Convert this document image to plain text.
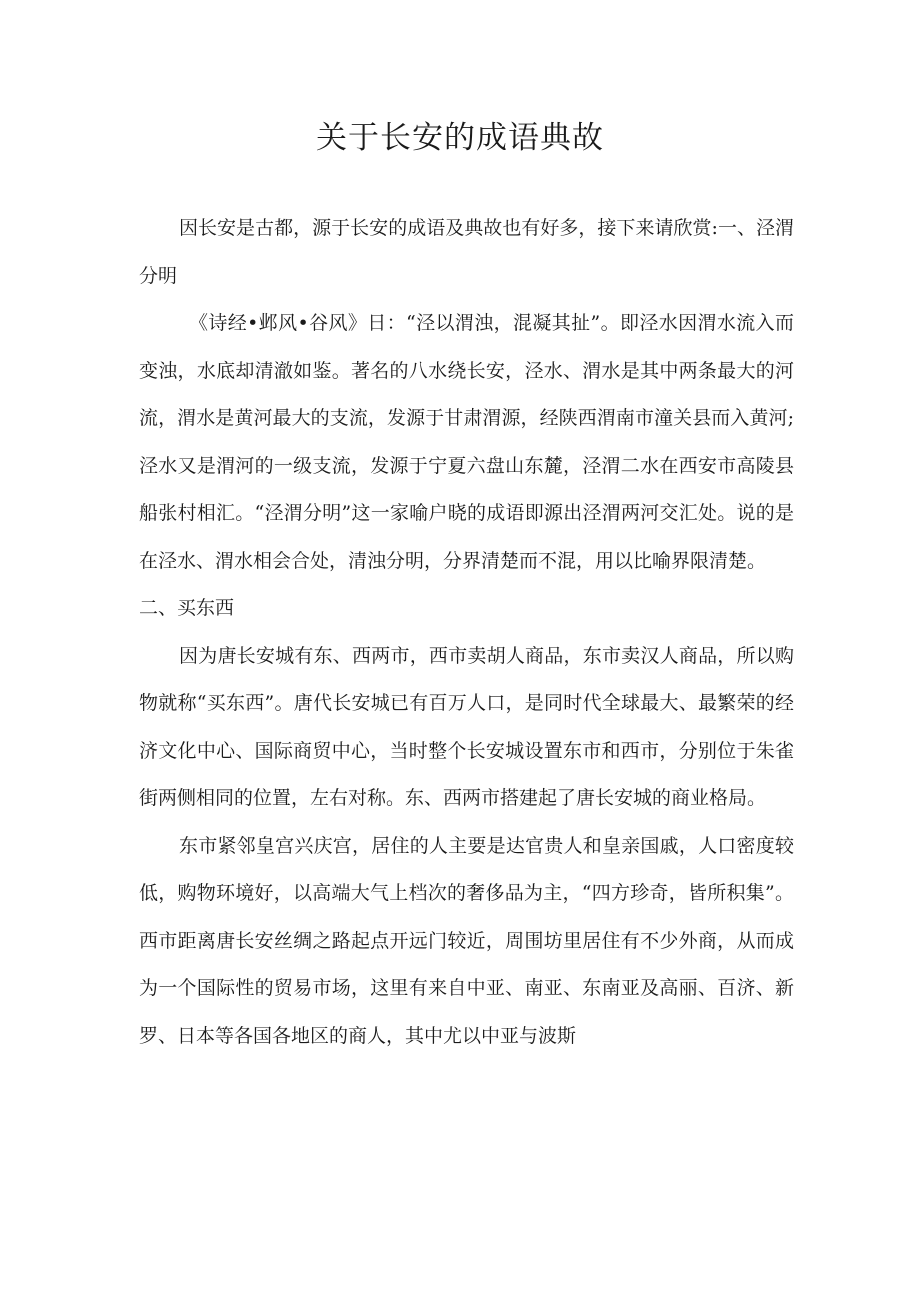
关于长安的成语典故

因长安是古都，源于长安的成语及典故也有好多，接下来请欣赏:一、泾渭分明

《诗经•邺风•谷风》日：“泾以渭浊，混凝其扯”。即泾水因渭水流入而变浊，水底却清澈如鉴。著名的八水绕长安，泾水、渭水是其中两条最大的河流，渭水是黄河最大的支流，发源于甘肃渭源，经陕西渭南市潼关县而入黄河;泾水又是渭河的一级支流，发源于宁夏六盘山东麓，泾渭二水在西安市高陵县船张村相汇。“泾渭分明”这一家喻户晓的成语即源出泾渭两河交汇处。说的是在泾水、渭水相会合处，清浊分明，分界清楚而不混，用以比喻界限清楚。

二、买东西

因为唐长安城有东、西两市，西市卖胡人商品，东市卖汉人商品，所以购物就称“买东西”。唐代长安城已有百万人口，是同时代全球最大、最繁荣的经济文化中心、国际商贸中心，当时整个长安城设置东市和西市，分别位于朱雀街两侧相同的位置，左右对称。东、西两市搭建起了唐长安城的商业格局。

东市紧邻皇宫兴庆宫，居住的人主要是达官贵人和皇亲国戚，人口密度较低，购物环境好，以高端大气上档次的奢侈品为主，“四方珍奇，皆所积集”。西市距离唐长安丝绸之路起点开远门较近，周围坊里居住有不少外商，从而成为一个国际性的贸易市场，这里有来自中亚、南亚、东南亚及高丽、百济、新罗、日本等各国各地区的商人，其中尤以中亚与波斯
